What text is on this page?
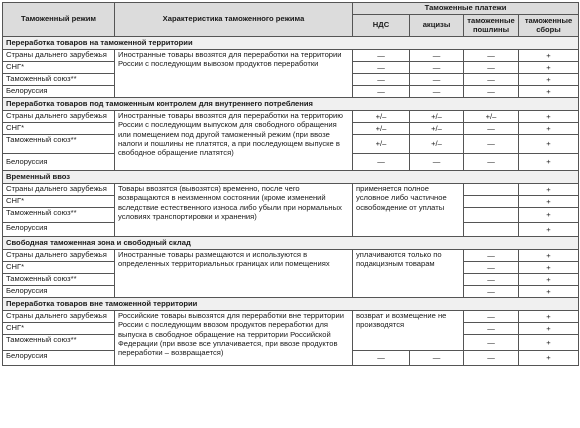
Таможенный режим	Характеристика таможенного режима	Таможенные платежи			
		НДС	акцизы	таможенные пошлины	таможенные сборы
Переработка товаров на таможенной территории					
Страны дальнего зарубежья	Иностранные товары ввозятся для переработки на территории России с последующим вывозом продуктов переработки	—	—	—	+
СНГ*		—	—	—	+
Таможенный союз**		—	—	—	+
Белоруссия		—	—	—	+
Переработка товаров под таможенным контролем для внутреннего потребления					
Страны дальнего зарубежья	Иностранные товары ввозятся для переработки на территорию России с последующим выпуском для свободного обращения или помещением под другой таможенный режим (при ввозе налоги и пошлины не платятся, а при последующем выпуске в свободное обращение платятся)	+/–	+/–	+/–	+
СНГ*		+/–	+/–	—	+
Таможенный союз**		+/–	+/–	—	+
Белоруссия		—	—	—	+
Временный ввоз					
Страны дальнего зарубежья	Товары ввозятся (вывозятся) временно, после чего возвращаются в неизменном состоянии (кроме изменений вследствие естественного износа либо убыли при нормальных условиях транспортировки и хранения)	применяется полное условное либо частичное освобождение от уплаты			+
СНГ*					+
Таможенный союз**					+
Белоруссия					+
Свободная таможенная зона и свободный склад					
Страны дальнего зарубежья	Иностранные товары размещаются и используются в определенных территориальных границах или помещениях	уплачиваются только по подакцизным товарам		—	+
СНГ*				—	+
Таможенный союз**				—	+
Белоруссия				—	+
Переработка товаров вне таможенной территории					
Страны дальнего зарубежья	Российские товары вывозятся для переработки вне территории России с последующим ввозом продуктов переработки для выпуска в свободное обращение на территории Российской Федерации (при ввозе все уплачивается, при ввозе продуктов переработки – возвращается)	возврат и возмещение не производятся		—	+
СНГ*				—	+
Таможенный союз**				—	+
Белоруссия		—	—	—	+
